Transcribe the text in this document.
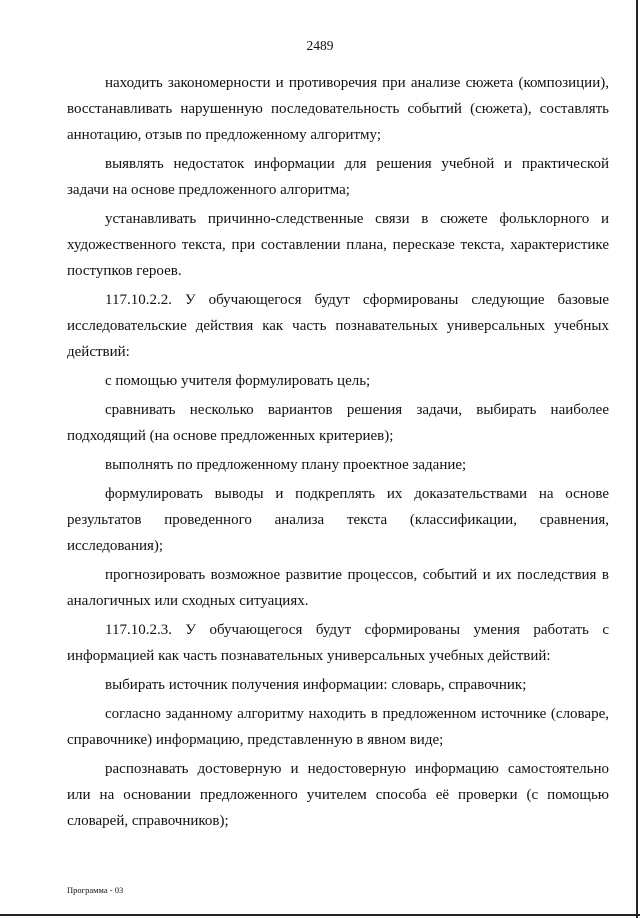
2489

находить закономерности и противоречия при анализе сюжета (композиции), восстанавливать нарушенную последовательность событий (сюжета), составлять аннотацию, отзыв по предложенному алгоритму;

выявлять недостаток информации для решения учебной и практической задачи на основе предложенного алгоритма;

устанавливать причинно-следственные связи в сюжете фольклорного и художественного текста, при составлении плана, пересказе текста, характеристике поступков героев.

117.10.2.2. У обучающегося будут сформированы следующие базовые исследовательские действия как часть познавательных универсальных учебных действий:

с помощью учителя формулировать цель;

сравнивать несколько вариантов решения задачи, выбирать наиболее подходящий (на основе предложенных критериев);

выполнять по предложенному плану проектное задание;

формулировать выводы и подкреплять их доказательствами на основе результатов проведенного анализа текста (классификации, сравнения, исследования);

прогнозировать возможное развитие процессов, событий и их последствия в аналогичных или сходных ситуациях.

117.10.2.3. У обучающегося будут сформированы умения работать с информацией как часть познавательных универсальных учебных действий:

выбирать источник получения информации: словарь, справочник;

согласно заданному алгоритму находить в предложенном источнике (словаре, справочнике) информацию, представленную в явном виде;

распознавать достоверную и недостоверную информацию самостоятельно или на основании предложенного учителем способа её проверки (с помощью словарей, справочников);

Программа - 03
